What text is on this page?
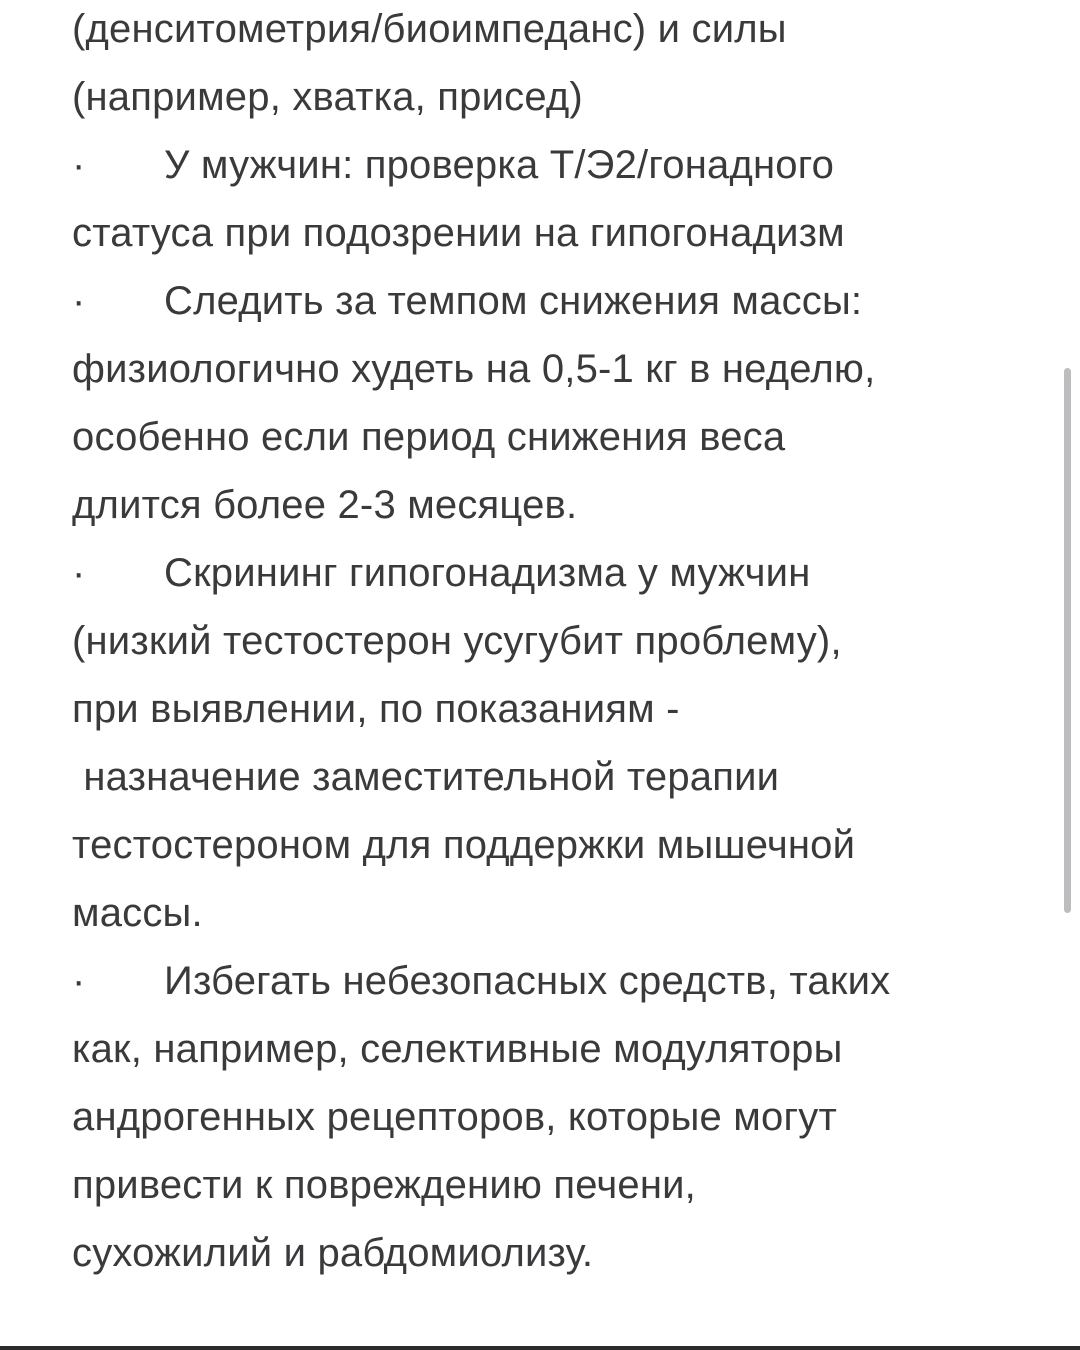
(денситометрия/биоимпеданс) и силы
(например, хватка, присед)
·	У мужчин: проверка Т/Э2/гонадного
статуса при подозрении на гипогонадизм
·	Следить за темпом снижения массы:
физиологично худеть на 0,5-1 кг в неделю,
особенно если период снижения веса
длится более 2-3 месяцев.
·	Скрининг гипогонадизма у мужчин
(низкий тестостерон усугубит проблему),
при выявлении, по показаниям -
назначение заместительной терапии
тестостероном для поддержки мышечной
массы.
·	Избегать небезопасных средств, таких
как, например, селективные модуляторы
андрогенных рецепторов, которые могут
привести к повреждению печени,
сухожилий и рабдомиолизу.
